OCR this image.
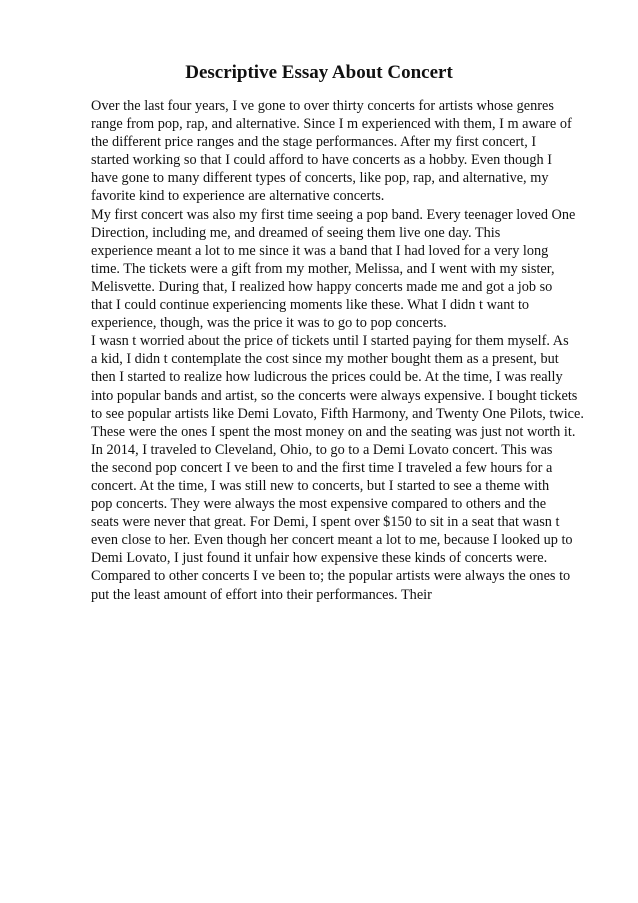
Descriptive Essay About Concert
Over the last four years, I ve gone to over thirty concerts for artists whose genres
range from pop, rap, and alternative. Since I m experienced with them, I m aware of
the different price ranges and the stage performances. After my first concert, I
started working so that I could afford to have concerts as a hobby. Even though I
have gone to many different types of concerts, like pop, rap, and alternative, my
favorite kind to experience are alternative concerts.
My first concert was also my first time seeing a pop band. Every teenager loved One
Direction, including me, and dreamed of seeing them live one day. This
experience meant a lot to me since it was a band that I had loved for a very long
time. The tickets were a gift from my mother, Melissa, and I went with my sister,
Melisvette. During that, I realized how happy concerts made me and got a job so
that I could continue experiencing moments like these. What I didn t want to
experience, though, was the price it was to go to pop concerts.
I wasn t worried about the price of tickets until I started paying for them myself. As
a kid, I didn t contemplate the cost since my mother bought them as a present, but
then I started to realize how ludicrous the prices could be. At the time, I was really
into popular bands and artist, so the concerts were always expensive. I bought tickets
to see popular artists like Demi Lovato, Fifth Harmony, and Twenty One Pilots, twice.
These were the ones I spent the most money on and the seating was just not worth it.
In 2014, I traveled to Cleveland, Ohio, to go to a Demi Lovato concert. This was
the second pop concert I ve been to and the first time I traveled a few hours for a
concert. At the time, I was still new to concerts, but I started to see a theme with
pop concerts. They were always the most expensive compared to others and the
seats were never that great. For Demi, I spent over $150 to sit in a seat that wasn t
even close to her. Even though her concert meant a lot to me, because I looked up to
Demi Lovato, I just found it unfair how expensive these kinds of concerts were.
Compared to other concerts I ve been to; the popular artists were always the ones to
put the least amount of effort into their performances. Their
